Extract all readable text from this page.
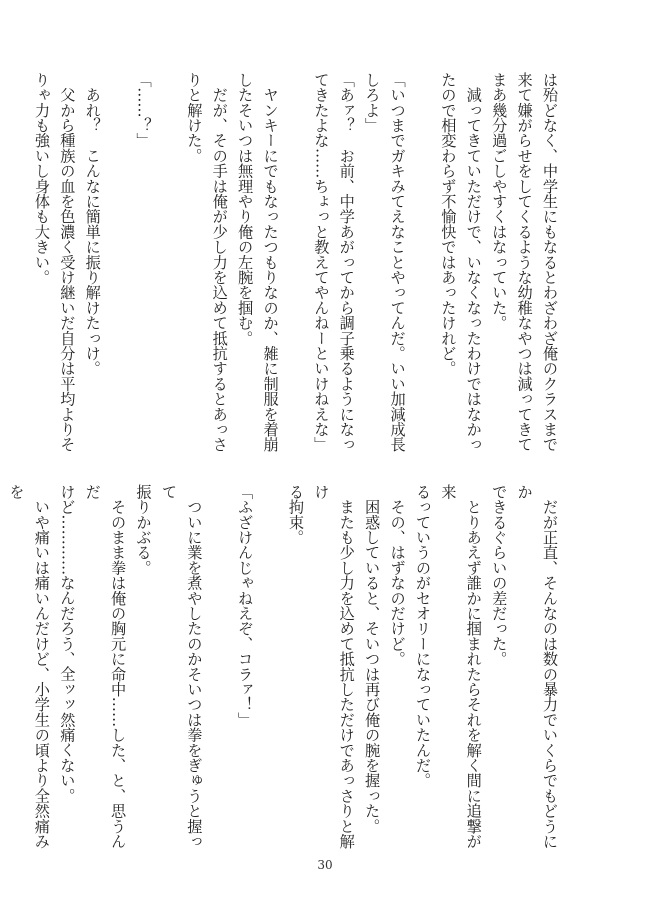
は殆どなく、中学生にもなるとわざわざ俺のクラスまで

来て嫌がらせをしてくるような幼稚なやつは減ってきて

まあ幾分過ごしやすくはなっていた。

　減ってきていただけで、いなくなったわけではなかっ

たので相変わらず不愉快ではあったけれど。

「いつまでガキみてえなことやってんだ。いい加減成長

しろよ」

「あァ？　お前、中学あがってから調子乗るようになっ

てきたよな……ちょっと教えてやんねーといけねえな」

　ヤンキーにでもなったつもりなのか、雑に制服を着崩

したそいつは無理やり俺の左腕を掴む。

　だが、その手は俺が少し力を込めて抵抗するとあっさ

りと解けた。

「……？」

　あれ？　こんなに簡単に振り解けたっけ。

　父から種族の血を色濃く受け継いだ自分は平均よりそ

りゃ力も強いし身体も大きい。

　だが正直、そんなのは数の暴力でいくらでもどうにか

できるぐらいの差だった。

　とりあえず誰かに掴まれたらそれを解く間に追撃が来

るっていうのがセオリーになっていたんだ。

　その、はずなのだけど。

　困惑していると、そいつは再び俺の腕を握った。

　またも少し力を込めて抵抗しただけであっさりと解け

る拘束。

「ふざけんじゃねえぞ、コラァ！」

　ついに業を煮やしたのかそいつは拳をぎゅうと握って

振りかぶる。

　そのまま拳は俺の胸元に命中……した、と、思うんだ

けど…………なんだろう、全ッッ然痛くない。

　いや痛いは痛いんだけど、小学生の頃より全然痛みを

30
